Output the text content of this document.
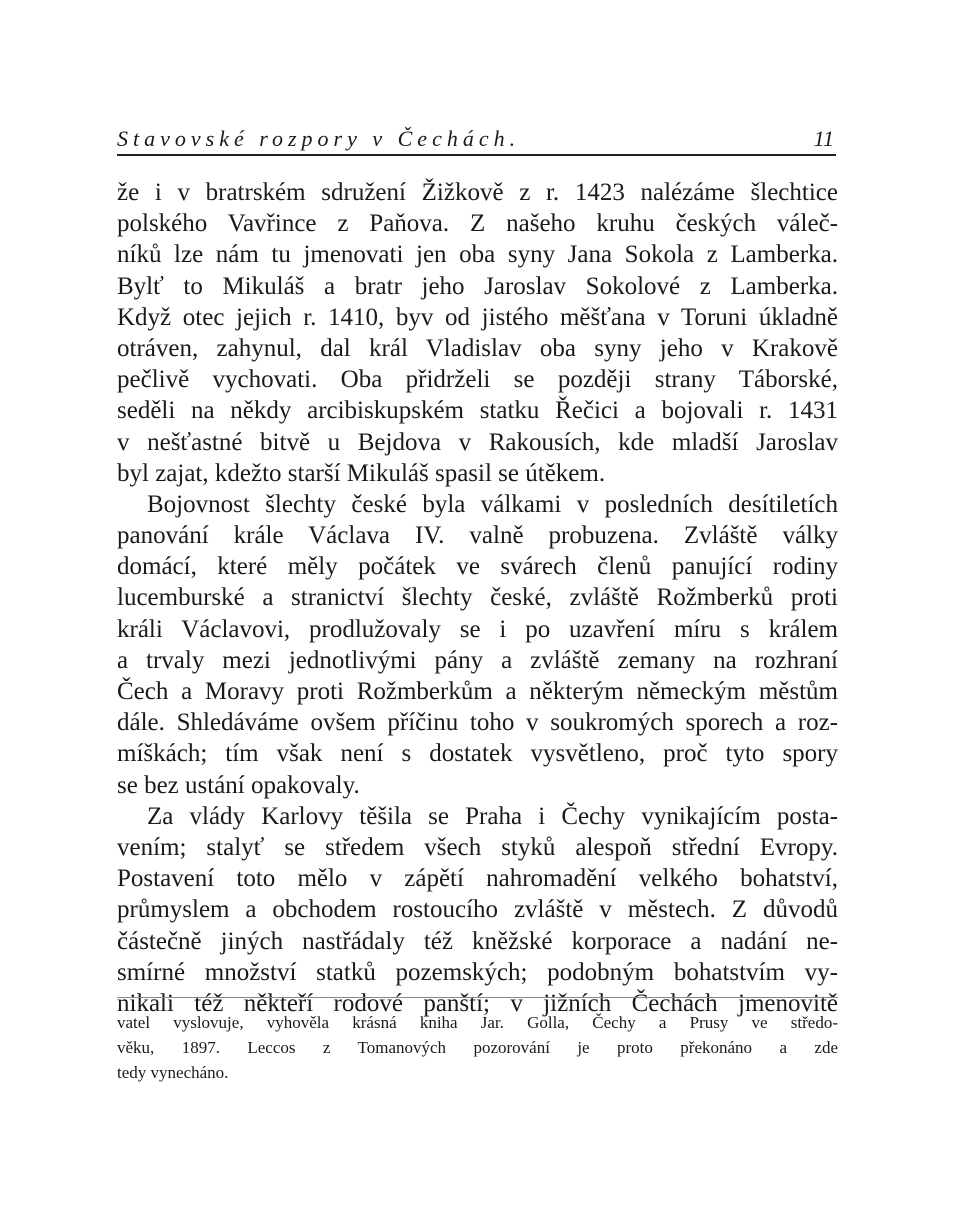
Stavovské rozpory v Čechách.	11
že i v bratrském sdružení Žižkově z r. 1423 nalézáme šlechtice
polského Vavřince z Paňova. Z našeho kruhu českých váleč-
níků lze nám tu jmenovati jen oba syny Jana Sokola z Lamberka.
Bylť to Mikuláš a bratr jeho Jaroslav Sokolové z Lamberka.
Když otec jejich r. 1410, byv od jistého měšťana v Toruni úkladně
otráven, zahynul, dal král Vladislav oba syny jeho v Krakově
pečlivě vychovati. Oba přidrželi se později strany Táborské,
seděli na někdy arcibiskupském statku Řečici a bojovali r. 1431
v nešťastné bitvě u Bejdova v Rakousích, kde mladší Jaroslav
byl zajat, kdežto starší Mikuláš spasil se útěkem.
Bojovnost šlechty české byla válkami v posledních desítiletích
panování krále Václava IV. valně probuzena. Zvláště války
domácí, které měly počátek ve svárech členů panující rodiny
lucemburské a stranictví šlechty české, zvláště Rožmberků proti
králi Václavovi, prodlužovaly se i po uzavření míru s králem
a trvaly mezi jednotlivými pány a zvláště zemany na rozhraní
Čech a Moravy proti Rožmberkům a některým německým městům
dále. Shledáváme ovšem příčinu toho v soukromých sporech a roz-
míškách; tím však není s dostatek vysvětleno, proč tyto spory
se bez ustání opakovaly.
Za vlády Karlovy těšila se Praha i Čechy vynikajícím posta-
vením; stalyť se středem všech styků alespoň střední Evropy.
Postavení toto mělo v zápětí nahromadění velkého bohatství,
průmyslem a obchodem rostoucího zvláště v městech. Z důvodů
částečně jiných nastřádaly též kněžské korporace a nadání ne-
smírné množství statků pozemských; podobným bohatstvím vy-
nikali též někteří rodové panští; v jižních Čechách jmenovitě
vatel vyslovuje, vyhověla krásná kniha Jar. Golla, Čechy a Prusy ve středo-
věku, 1897. Leccos z Tomanových pozorování je proto překonáno a zde
tedy vynecháno.
